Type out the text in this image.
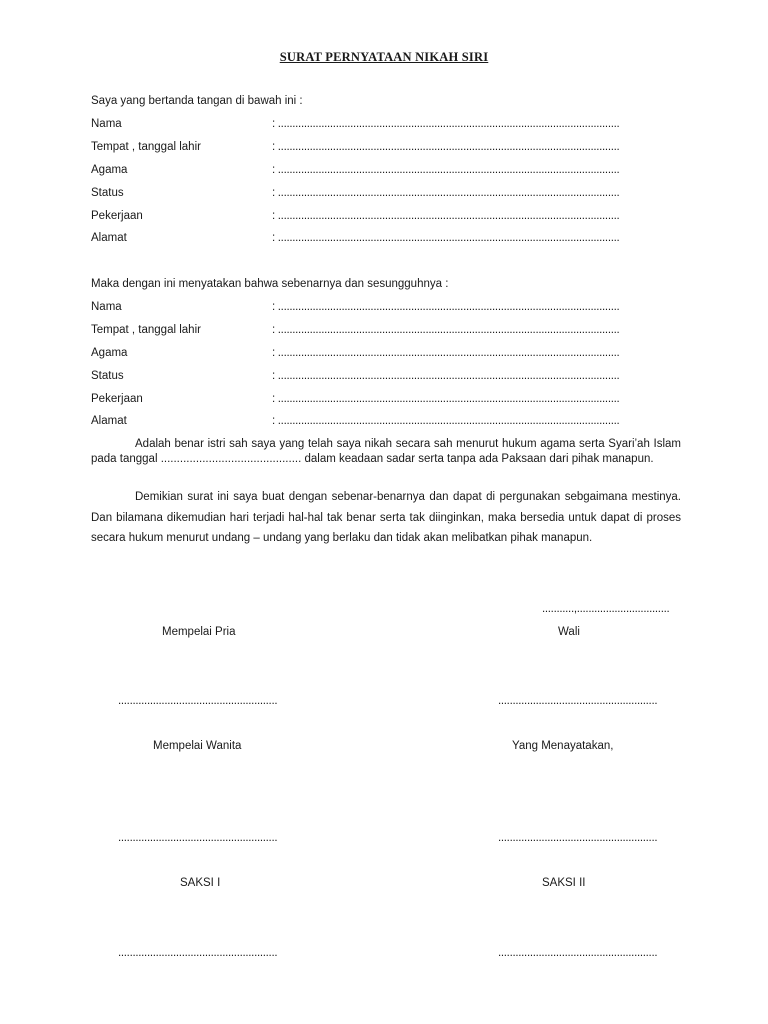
SURAT PERNYATAAN NIKAH SIRI
Saya yang bertanda tangan di bawah ini :
Nama	: ......................................................................................................................
Tempat , tanggal lahir	: ......................................................................................................................
Agama	: ......................................................................................................................
Status	: ......................................................................................................................
Pekerjaan	: ......................................................................................................................
Alamat	: ......................................................................................................................
Maka dengan ini menyatakan bahwa sebenarnya dan sesungguhnya :
Nama	: ......................................................................................................................
Tempat , tanggal lahir	: ......................................................................................................................
Agama	: ......................................................................................................................
Status	: ......................................................................................................................
Pekerjaan	: ......................................................................................................................
Alamat	: ......................................................................................................................
Adalah benar istri sah saya yang telah saya nikah secara sah menurut hukum agama serta Syari’ah Islam pada tanggal ............................................ dalam keadaan sadar serta tanpa ada Paksaan dari pihak manapun.
Demikian surat ini saya buat dengan sebenar-benarnya dan dapat di pergunakan sebgaimana mestinya. Dan bilamana dikemudian hari terjadi hal-hal tak benar serta tak diinginkan, maka bersedia untuk dapat di proses secara hukum menurut undang – undang yang berlaku dan tidak akan melibatkan pihak manapun.
...........,................................
Mempelai Pria	Wali
.......................................................	.......................................................
Mempelai Wanita	Yang Menayatakan,
.......................................................	.......................................................
SAKSI I	SAKSI II
.......................................................	.......................................................
